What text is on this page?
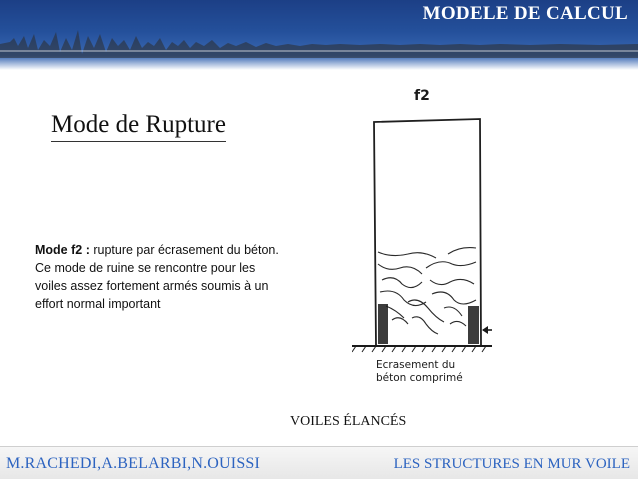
MODELE DE CALCUL
Mode de Rupture
Mode f2 : rupture par écrasement du béton. Ce mode de ruine se rencontre pour les voiles assez fortement armés soumis à un effort normal important
f2
Ecrasement du
béton comprimé
VOILES ÉLANCÉS
M.RACHEDI,A.BELARBI,N.OUISSI	LES STRUCTURES EN MUR VOILE
